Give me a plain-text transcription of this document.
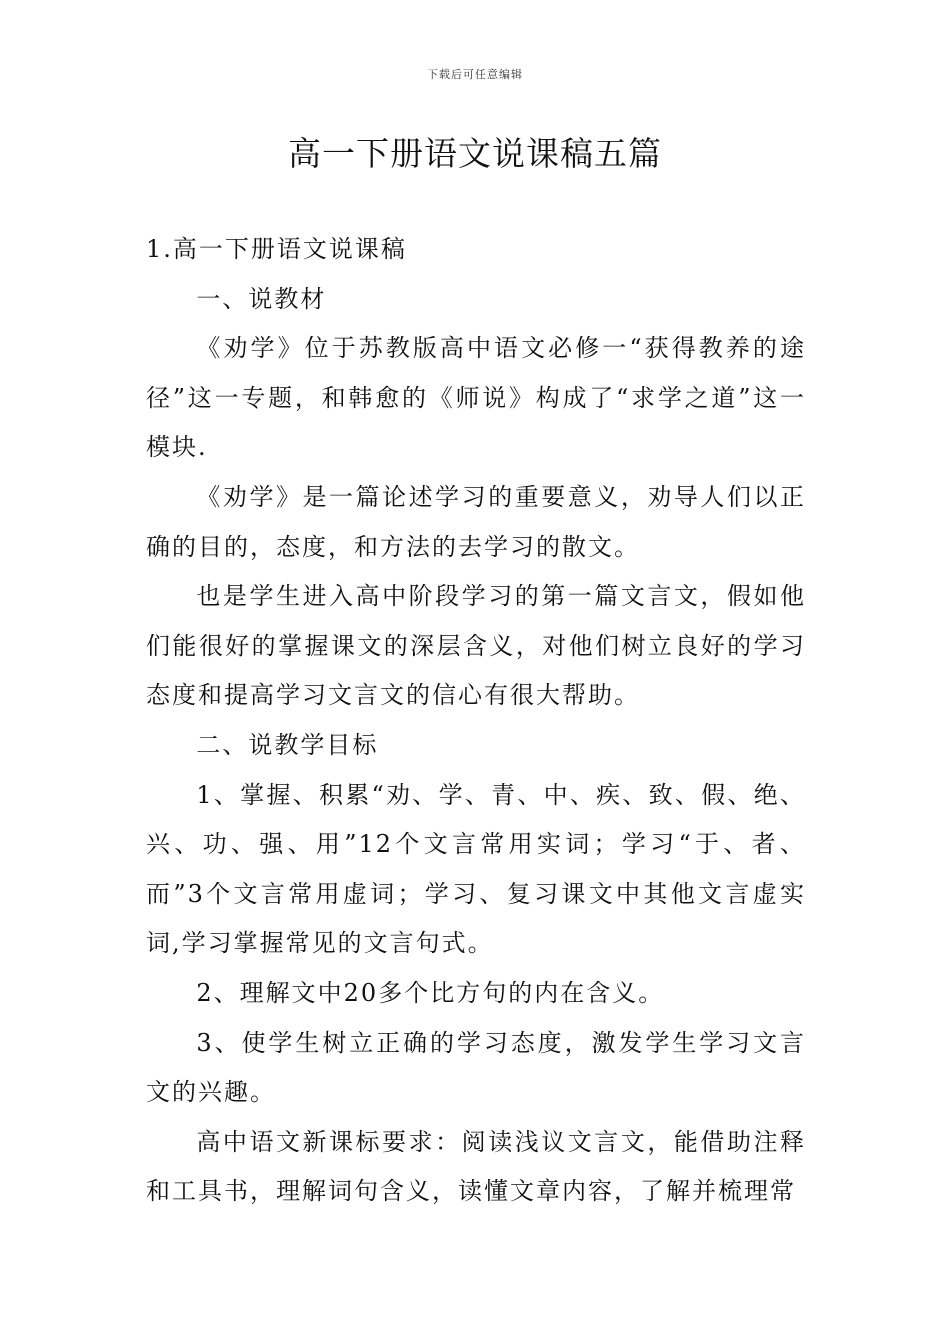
下载后可任意编辑
高一下册语文说课稿五篇

1.高一下册语文说课稿

一、说教材

《劝学》位于苏教版高中语文必修一“获得教养的途径”这一专题，和韩愈的《师说》构成了“求学之道”这一模块.

《劝学》是一篇论述学习的重要意义，劝导人们以正确的目的，态度，和方法的去学习的散文。

也是学生进入高中阶段学习的第一篇文言文，假如他们能很好的掌握课文的深层含义，对他们树立良好的学习态度和提高学习文言文的信心有很大帮助。

二、说教学目标

1、掌握、积累“劝、学、青、中、疾、致、假、绝、兴、功、强、用”12个文言常用实词；学习“于、者、而”3个文言常用虚词；学习、复习课文中其他文言虚实词,学习掌握常见的文言句式。

2、理解文中20多个比方句的内在含义。

3、使学生树立正确的学习态度，激发学生学习文言文的兴趣。

高中语文新课标要求：阅读浅议文言文，能借助注释和工具书，理解词句含义，读懂文章内容，了解并梳理常
